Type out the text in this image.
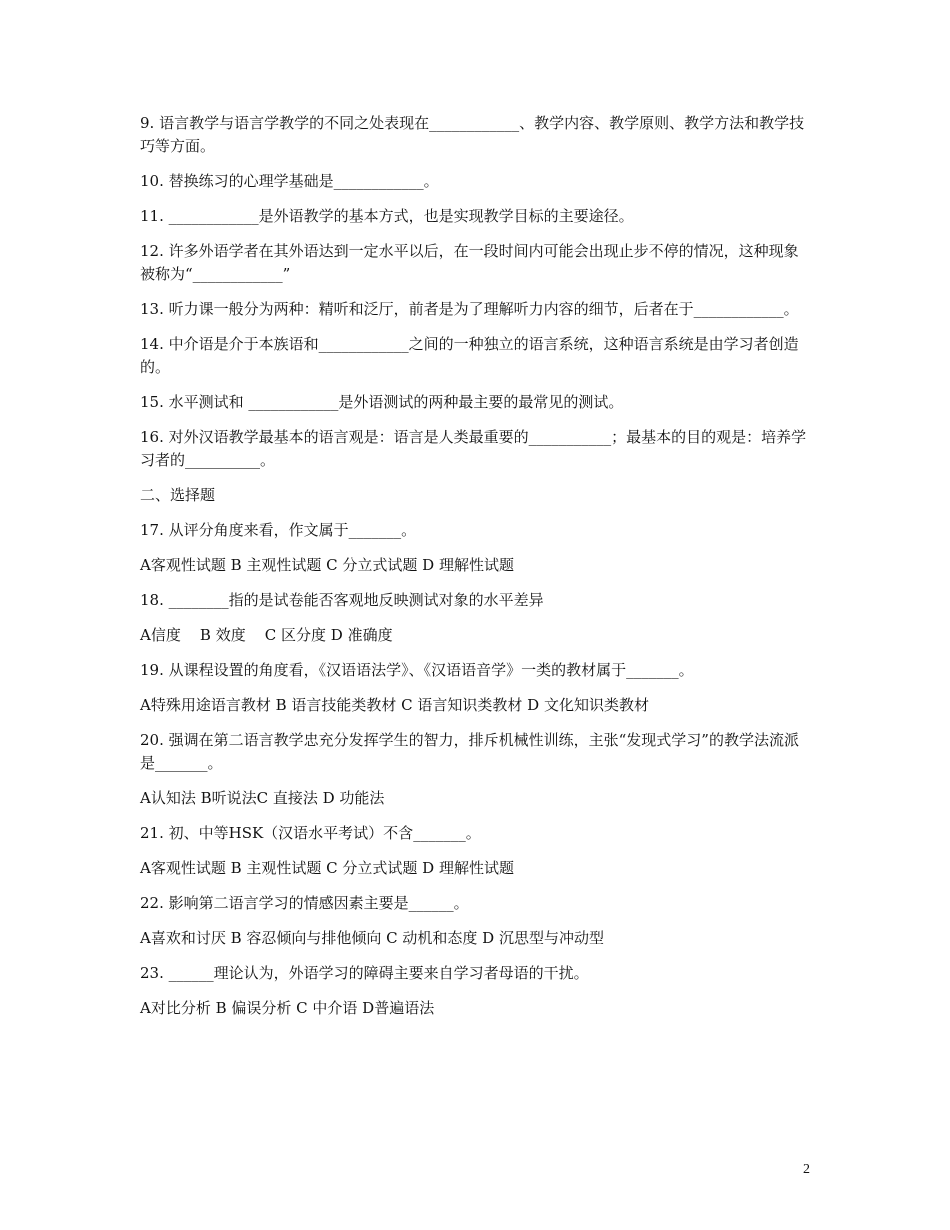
9. 语言教学与语言学教学的不同之处表现在____________、教学内容、教学原则、教学方法和教学技巧等方面。

10. 替换练习的心理学基础是____________。

11. ____________是外语教学的基本方式，也是实现教学目标的主要途径。

12. 许多外语学者在其外语达到一定水平以后，在一段时间内可能会出现止步不停的情况，这种现象被称为“____________”

13. 听力课一般分为两种：精听和泛厅，前者是为了理解听力内容的细节，后者在于____________。

14. 中介语是介于本族语和____________之间的一种独立的语言系统，这种语言系统是由学习者创造的。

15. 水平测试和 ____________是外语测试的两种最主要的最常见的测试。

16. 对外汉语教学最基本的语言观是：语言是人类最重要的___________；最基本的目的观是：培养学习者的__________。

二、选择题

17. 从评分角度来看，作文属于_______。

A客观性试题 B 主观性试题 C 分立式试题 D 理解性试题

18. ________指的是试卷能否客观地反映测试对象的水平差异

A信度    B 效度    C 区分度 D 准确度

19. 从课程设置的角度看，《汉语语法学》、《汉语语音学》一类的教材属于_______。

A特殊用途语言教材 B 语言技能类教材 C 语言知识类教材 D 文化知识类教材

20. 强调在第二语言教学忠充分发挥学生的智力，排斥机械性训练，主张“发现式学习”的教学法流派是_______。

A认知法 B听说法C 直接法 D 功能法

21. 初、中等HSK（汉语水平考试）不含_______。

A客观性试题 B 主观性试题 C 分立式试题 D 理解性试题

22. 影响第二语言学习的情感因素主要是______。

A喜欢和讨厌 B 容忍倾向与排他倾向 C 动机和态度 D 沉思型与冲动型

23. ______理论认为，外语学习的障碍主要来自学习者母语的干扰。

A对比分析 B 偏误分析 C 中介语 D普遍语法

2
